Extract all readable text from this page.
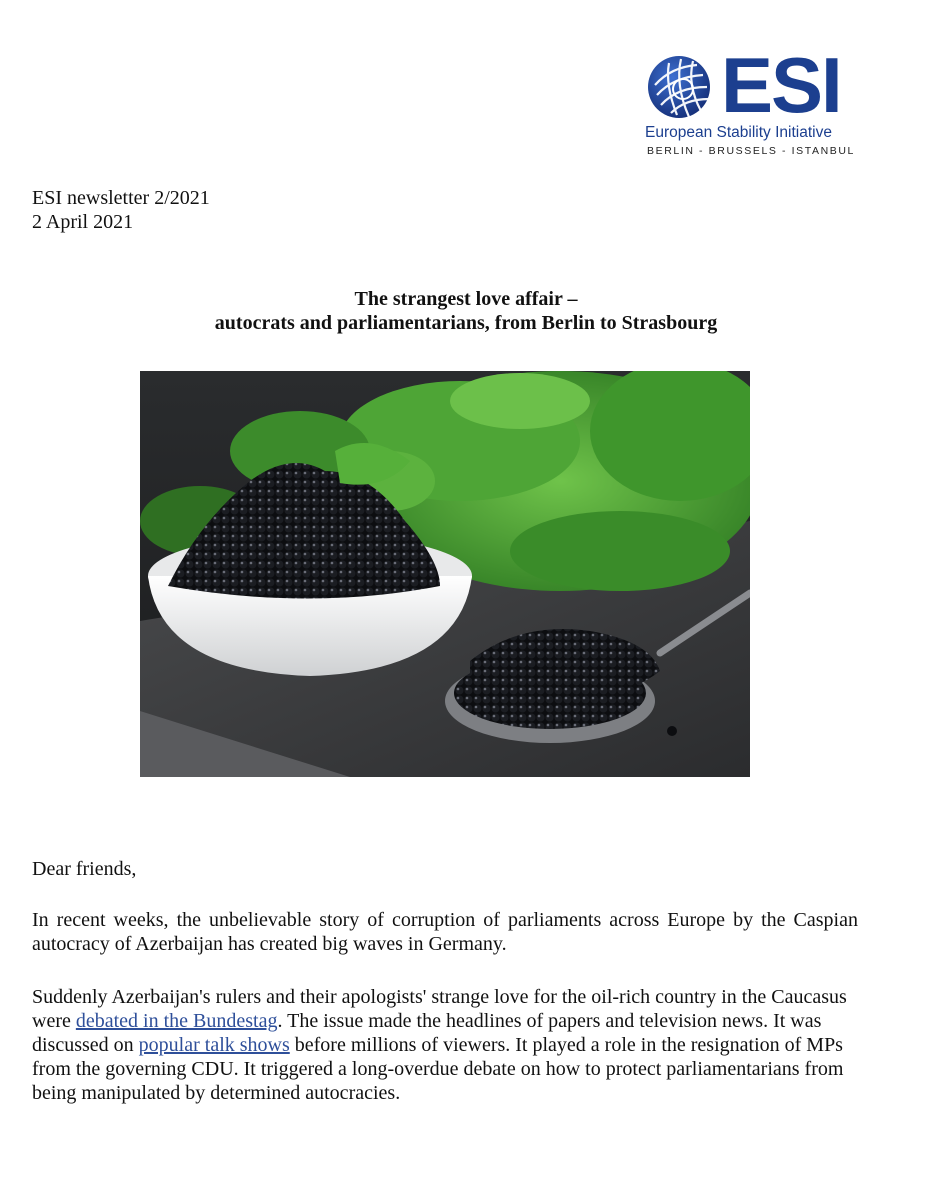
ESI
European Stability Initiative
BERLIN - BRUSSELS - ISTANBUL
ESI newsletter 2/2021
2 April 2021
The strangest love affair –
autocrats and parliamentarians, from Berlin to Strasbourg
Dear friends,
In recent weeks, the unbelievable story of corruption of parliaments across Europe by the Caspian autocracy of Azerbaijan has created big waves in Germany.
Suddenly Azerbaijan's rulers and their apologists' strange love for the oil-rich country in the Caucasus were debated in the Bundestag. The issue made the headlines of papers and television news. It was discussed on popular talk shows before millions of viewers. It played a role in the resignation of MPs from the governing CDU. It triggered a long-overdue debate on how to protect parliamentarians from being manipulated by determined autocracies.
